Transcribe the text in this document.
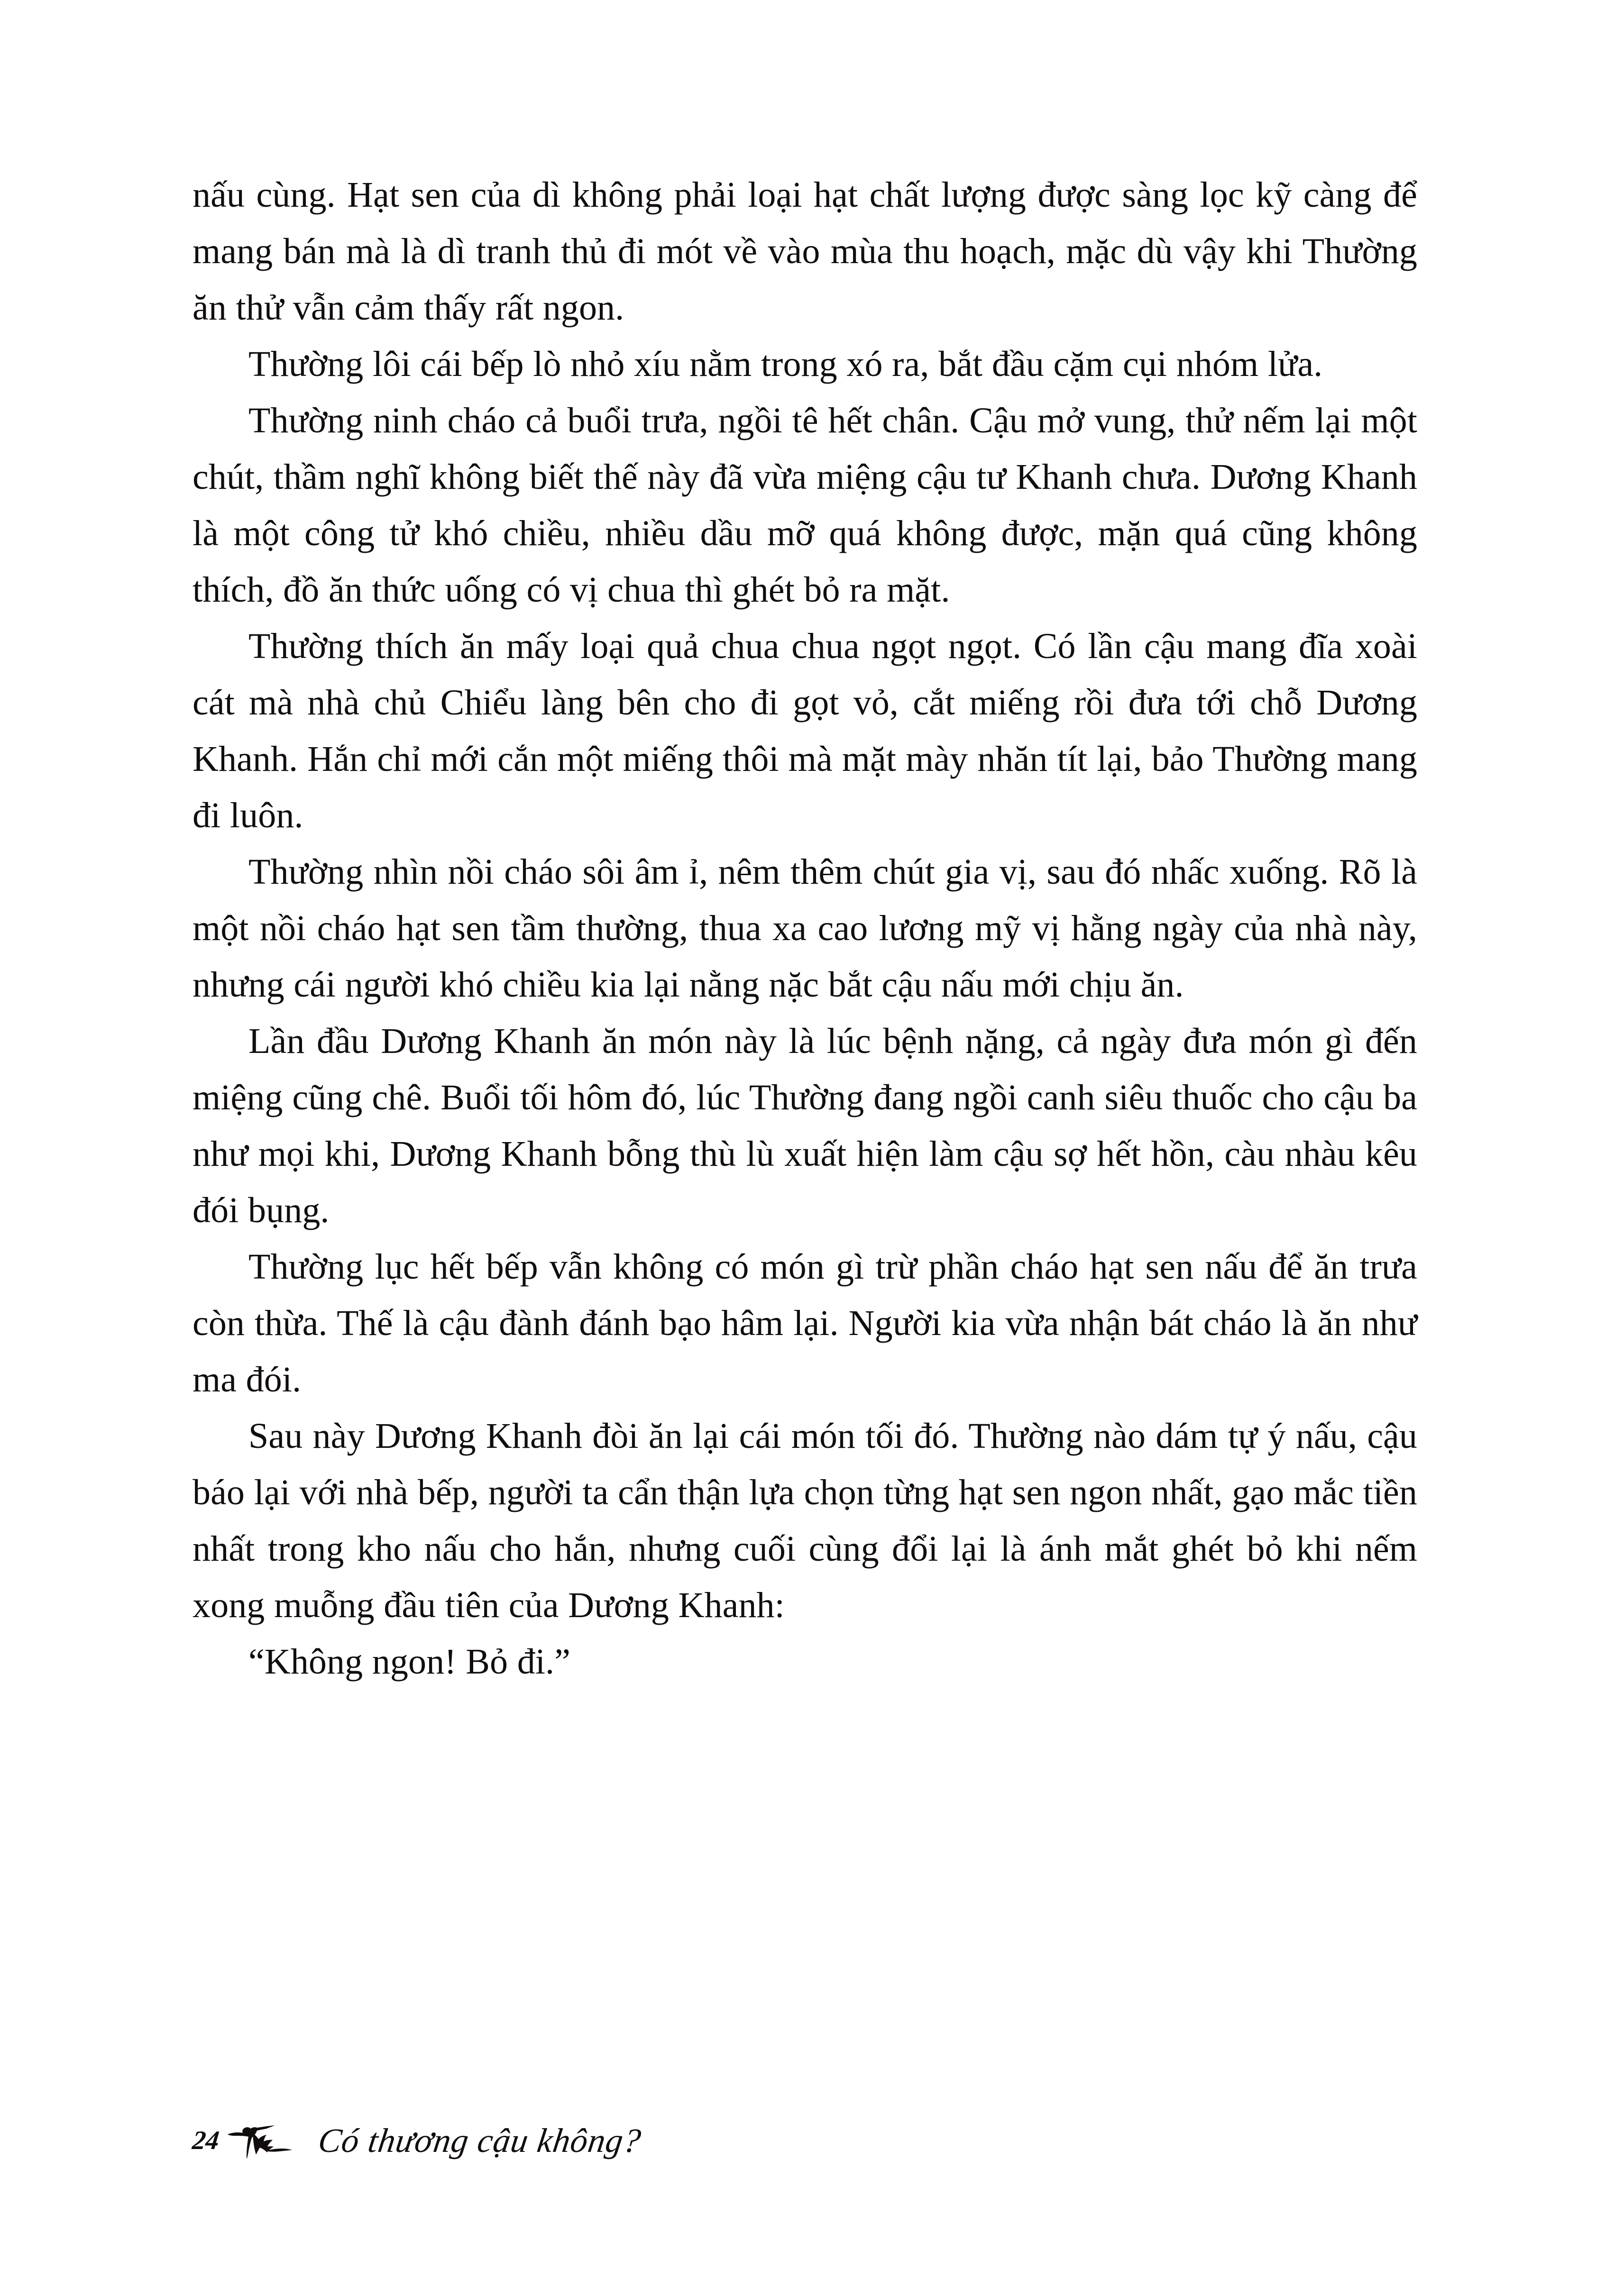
nấu cùng. Hạt sen của dì không phải loại hạt chất lượng được sàng lọc kỹ càng để mang bán mà là dì tranh thủ đi mót về vào mùa thu hoạch, mặc dù vậy khi Thường ăn thử vẫn cảm thấy rất ngon.

Thường lôi cái bếp lò nhỏ xíu nằm trong xó ra, bắt đầu cặm cụi nhóm lửa.

Thường ninh cháo cả buổi trưa, ngồi tê hết chân. Cậu mở vung, thử nếm lại một chút, thầm nghĩ không biết thế này đã vừa miệng cậu tư Khanh chưa. Dương Khanh là một công tử khó chiều, nhiều dầu mỡ quá không được, mặn quá cũng không thích, đồ ăn thức uống có vị chua thì ghét bỏ ra mặt.

Thường thích ăn mấy loại quả chua chua ngọt ngọt. Có lần cậu mang đĩa xoài cát mà nhà chủ Chiểu làng bên cho đi gọt vỏ, cắt miếng rồi đưa tới chỗ Dương Khanh. Hắn chỉ mới cắn một miếng thôi mà mặt mày nhăn tít lại, bảo Thường mang đi luôn.

Thường nhìn nồi cháo sôi âm ỉ, nêm thêm chút gia vị, sau đó nhấc xuống. Rõ là một nồi cháo hạt sen tầm thường, thua xa cao lương mỹ vị hằng ngày của nhà này, nhưng cái người khó chiều kia lại nằng nặc bắt cậu nấu mới chịu ăn.

Lần đầu Dương Khanh ăn món này là lúc bệnh nặng, cả ngày đưa món gì đến miệng cũng chê. Buổi tối hôm đó, lúc Thường đang ngồi canh siêu thuốc cho cậu ba như mọi khi, Dương Khanh bỗng thù lù xuất hiện làm cậu sợ hết hồn, càu nhàu kêu đói bụng.

Thường lục hết bếp vẫn không có món gì trừ phần cháo hạt sen nấu để ăn trưa còn thừa. Thế là cậu đành đánh bạo hâm lại. Người kia vừa nhận bát cháo là ăn như ma đói.

Sau này Dương Khanh đòi ăn lại cái món tối đó. Thường nào dám tự ý nấu, cậu báo lại với nhà bếp, người ta cẩn thận lựa chọn từng hạt sen ngon nhất, gạo mắc tiền nhất trong kho nấu cho hắn, nhưng cuối cùng đổi lại là ánh mắt ghét bỏ khi nếm xong muỗng đầu tiên của Dương Khanh:

“Không ngon! Bỏ đi.”

24	Có thương cậu không?
